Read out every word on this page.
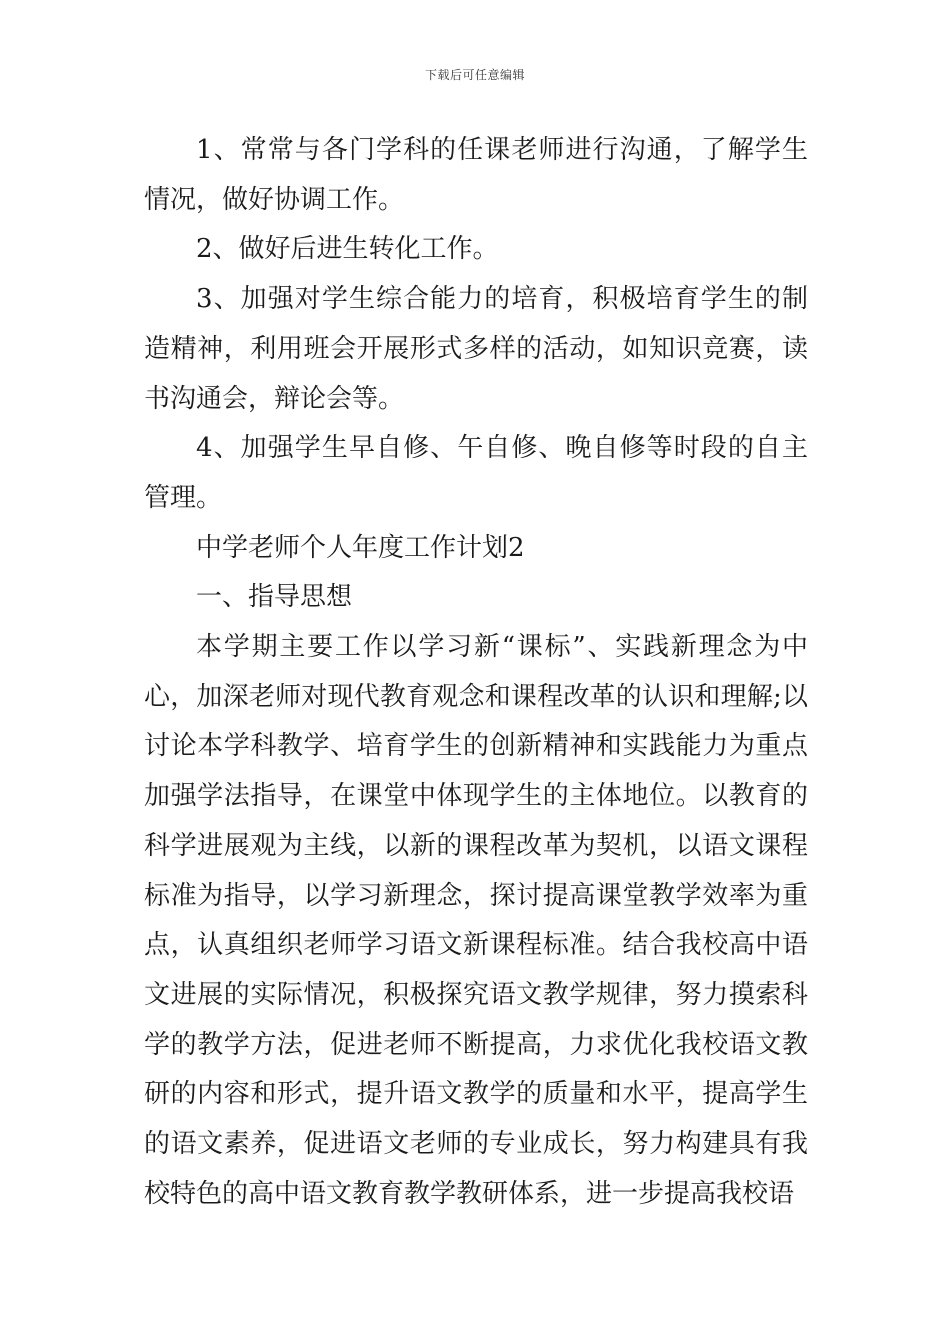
下载后可任意编辑

1、常常与各门学科的任课老师进行沟通，了解学生情况，做好协调工作。

2、做好后进生转化工作。

3、加强对学生综合能力的培育，积极培育学生的制造精神，利用班会开展形式多样的活动，如知识竞赛，读书沟通会，辩论会等。

4、加强学生早自修、午自修、晚自修等时段的自主管理。

中学老师个人年度工作计划2

一、指导思想

本学期主要工作以学习新“课标”、实践新理念为中心，加深老师对现代教育观念和课程改革的认识和理解;以讨论本学科教学、培育学生的创新精神和实践能力为重点加强学法指导，在课堂中体现学生的主体地位。以教育的科学进展观为主线，以新的课程改革为契机，以语文课程标准为指导，以学习新理念，探讨提高课堂教学效率为重点，认真组织老师学习语文新课程标准。结合我校高中语文进展的实际情况，积极探究语文教学规律，努力摸索科学的教学方法，促进老师不断提高，力求优化我校语文教研的内容和形式，提升语文教学的质量和水平，提高学生的语文素养，促进语文老师的专业成长，努力构建具有我校特色的高中语文教育教学教研体系，进一步提高我校语
